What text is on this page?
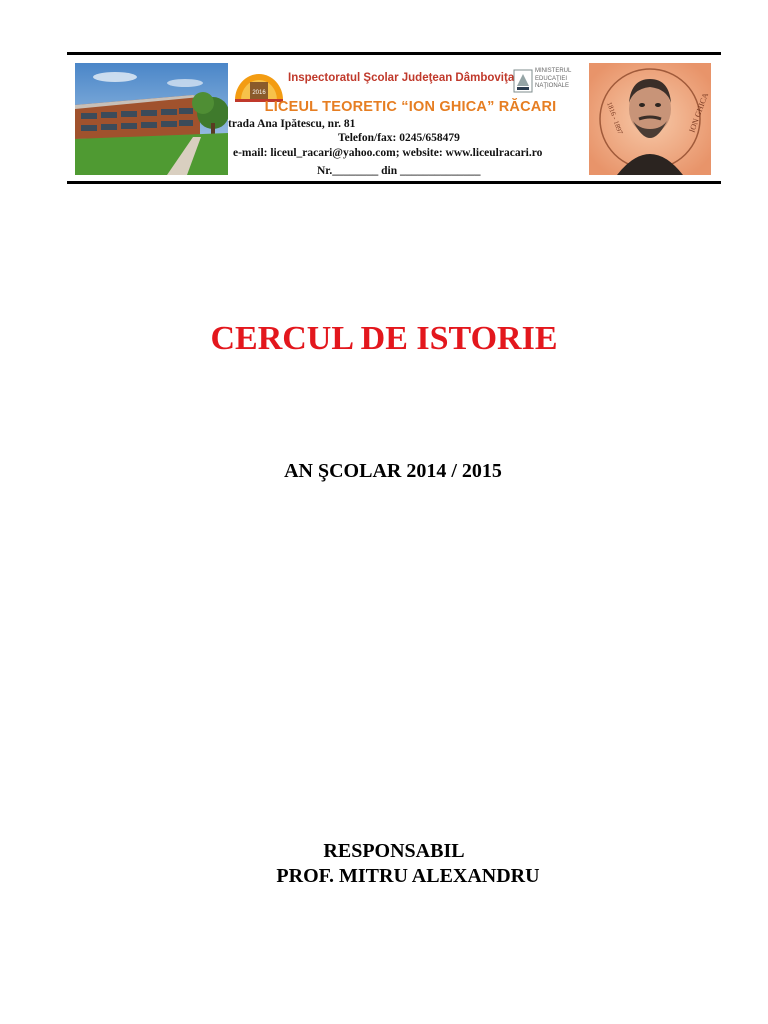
2016
Inspectoratul Şcolar Judeţean Dâmboviţa
MINISTERUL
EDUCAŢIEI
NAŢIONALE
LICEUL TEORETIC “ION GHICA” RĂCARI
trada Ana Ipătescu, nr. 81
Telefon/fax: 0245/658479
e-mail: liceul_racari@yahoo.com; website: www.liceulracari.ro
Nr.________ din ______________
ION GHICA
1816 - 1897
CERCUL DE ISTORIE
AN ŞCOLAR 2014 / 2015
RESPONSABIL
PROF. MITRU ALEXANDRU
